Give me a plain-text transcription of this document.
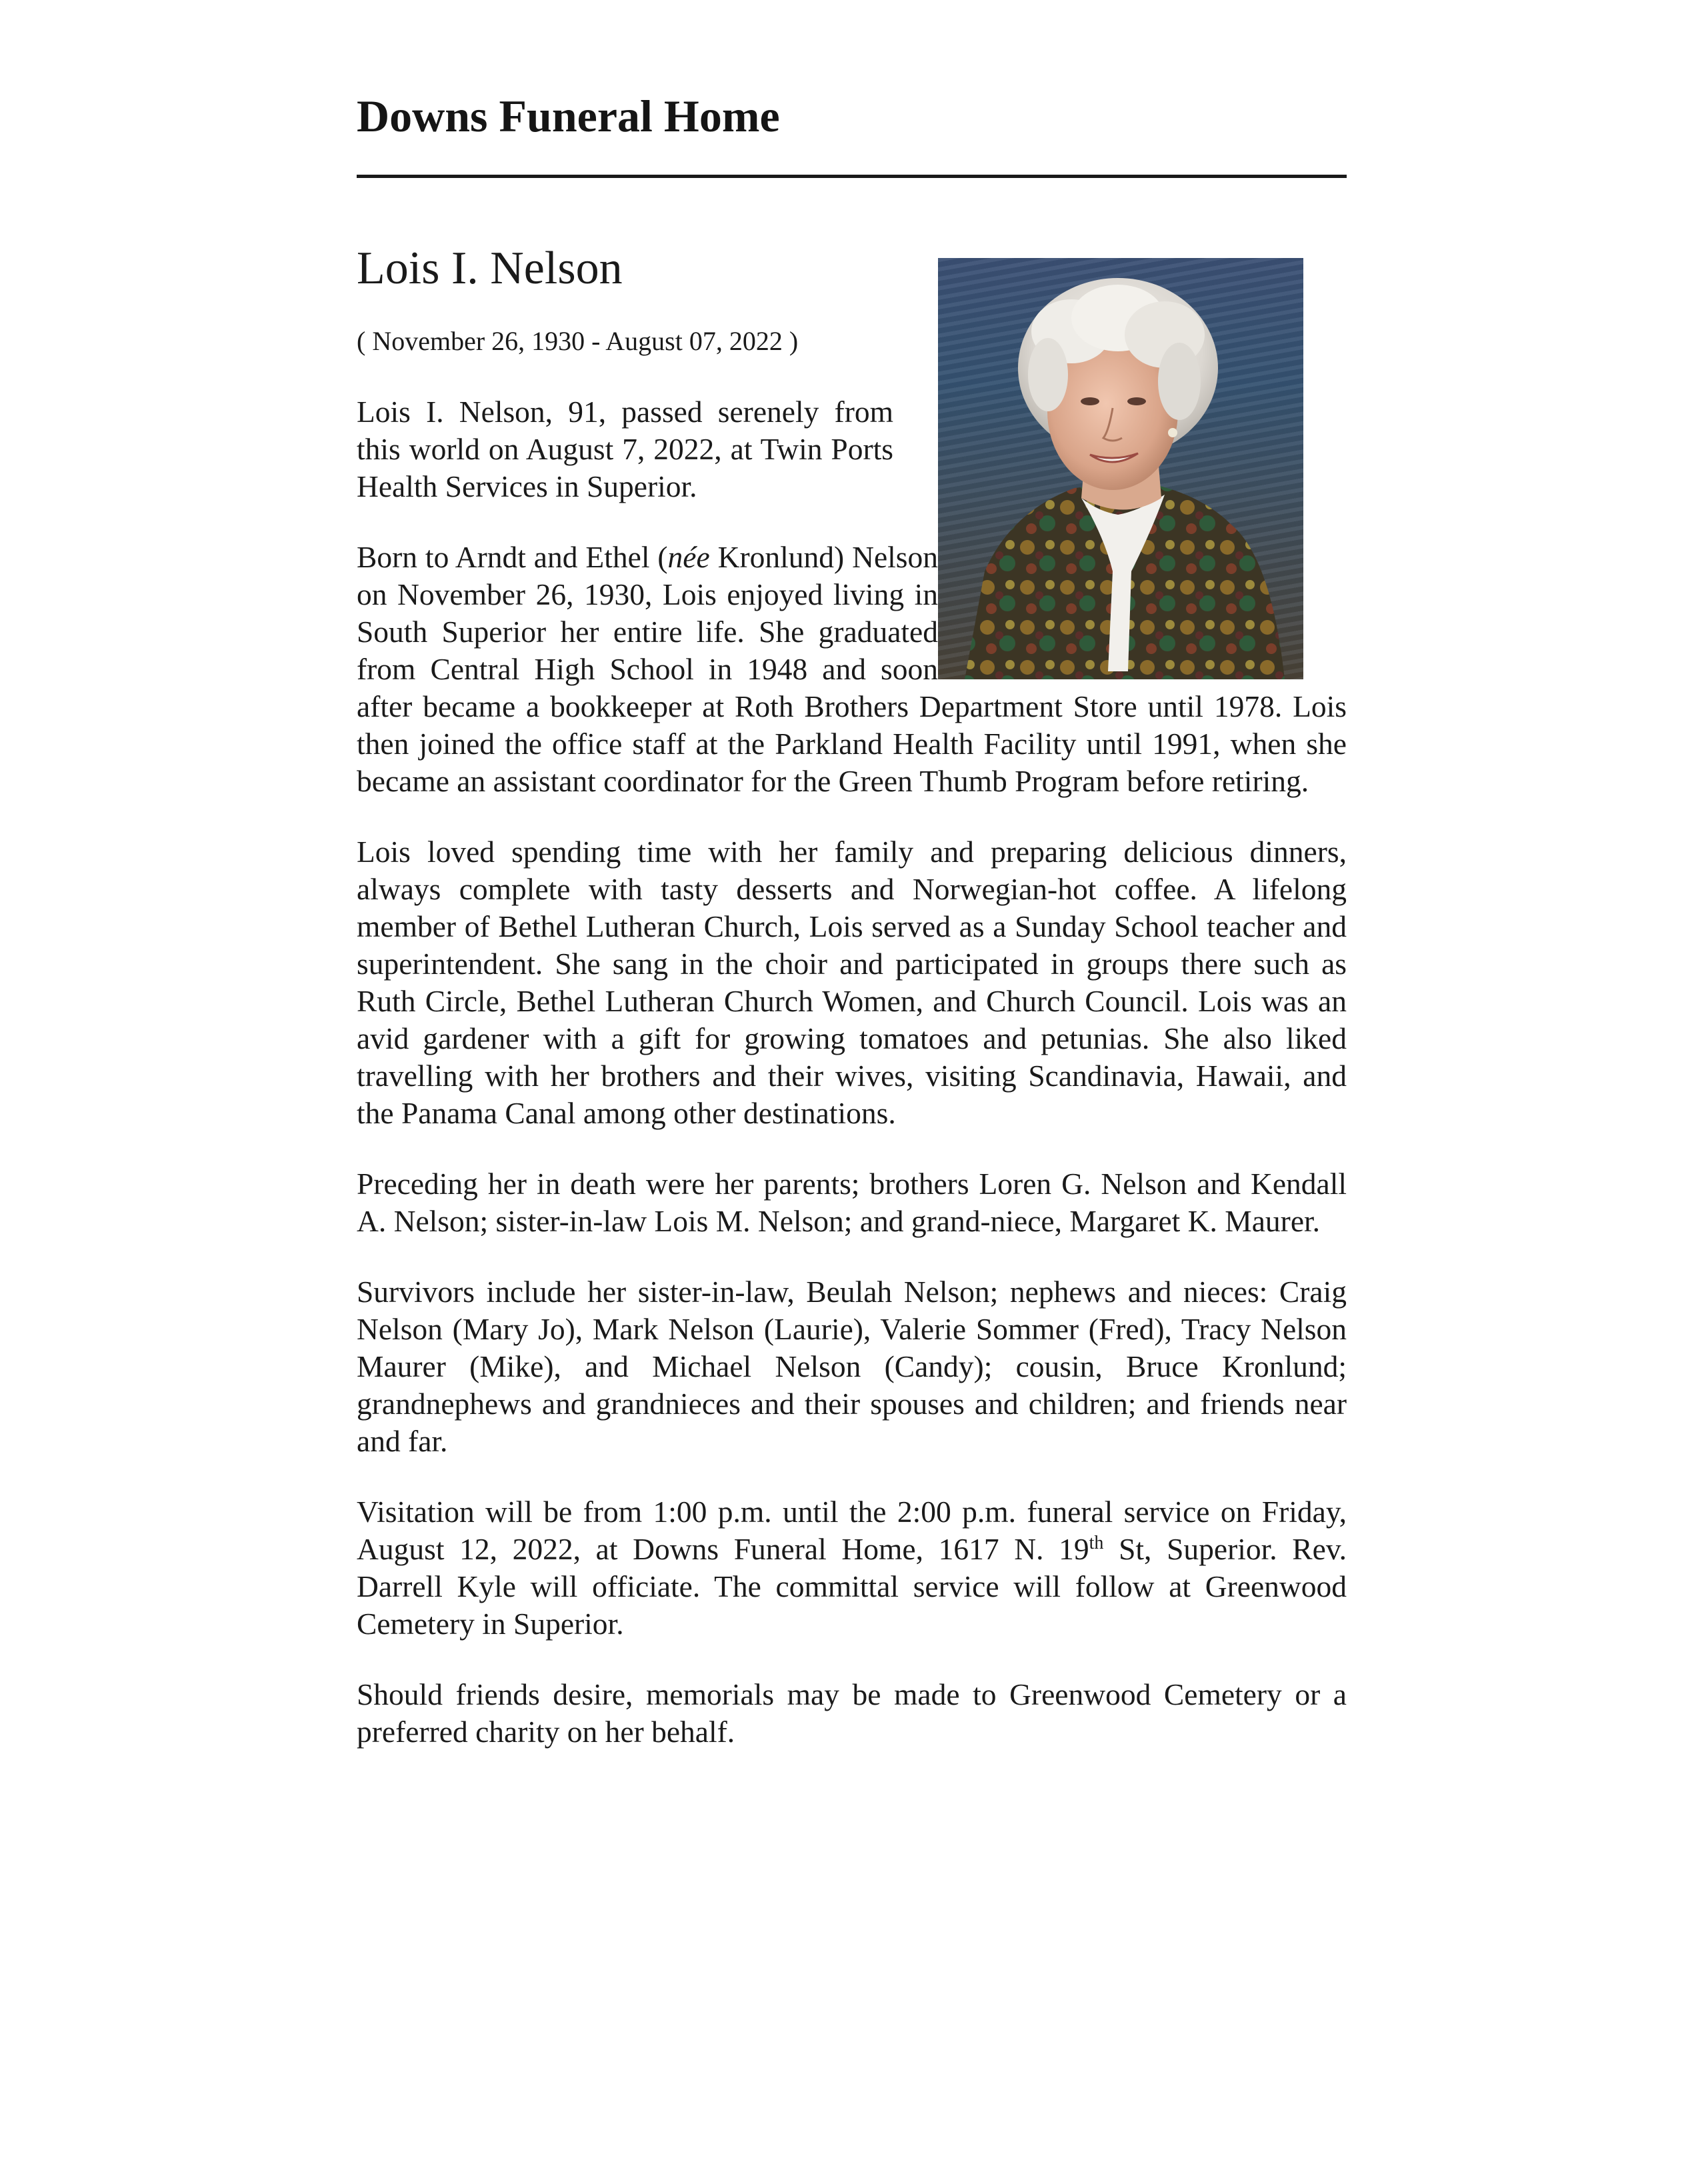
Downs Funeral Home
Lois I. Nelson
( November 26, 1930 - August 07, 2022 )

Lois I. Nelson, 91, passed serenely from this world on August 7, 2022, at Twin Ports Health Services in Superior.

Born to Arndt and Ethel (née Kronlund) Nelson on November 26, 1930, Lois enjoyed living in South Superior her entire life. She graduated from Central High School in 1948 and soon after became a bookkeeper at Roth Brothers Department Store until 1978. Lois then joined the office staff at the Parkland Health Facility until 1991, when she became an assistant coordinator for the Green Thumb Program before retiring.

Lois loved spending time with her family and preparing delicious dinners, always complete with tasty desserts and Norwegian-hot coffee. A lifelong member of Bethel Lutheran Church, Lois served as a Sunday School teacher and superintendent. She sang in the choir and participated in groups there such as Ruth Circle, Bethel Lutheran Church Women, and Church Council. Lois was an avid gardener with a gift for growing tomatoes and petunias. She also liked travelling with her brothers and their wives, visiting Scandinavia, Hawaii, and the Panama Canal among other destinations.

Preceding her in death were her parents; brothers Loren G. Nelson and Kendall A. Nelson; sister-in-law Lois M. Nelson; and grand-niece, Margaret K. Maurer.

Survivors include her sister-in-law, Beulah Nelson; nephews and nieces: Craig Nelson (Mary Jo), Mark Nelson (Laurie), Valerie Sommer (Fred), Tracy Nelson Maurer (Mike), and Michael Nelson (Candy); cousin, Bruce Kronlund; grandnephews and grandnieces and their spouses and children; and friends near and far.

Visitation will be from 1:00 p.m. until the 2:00 p.m. funeral service on Friday, August 12, 2022, at Downs Funeral Home, 1617 N. 19th St, Superior. Rev. Darrell Kyle will officiate. The committal service will follow at Greenwood Cemetery in Superior.

Should friends desire, memorials may be made to Greenwood Cemetery or a preferred charity on her behalf.
